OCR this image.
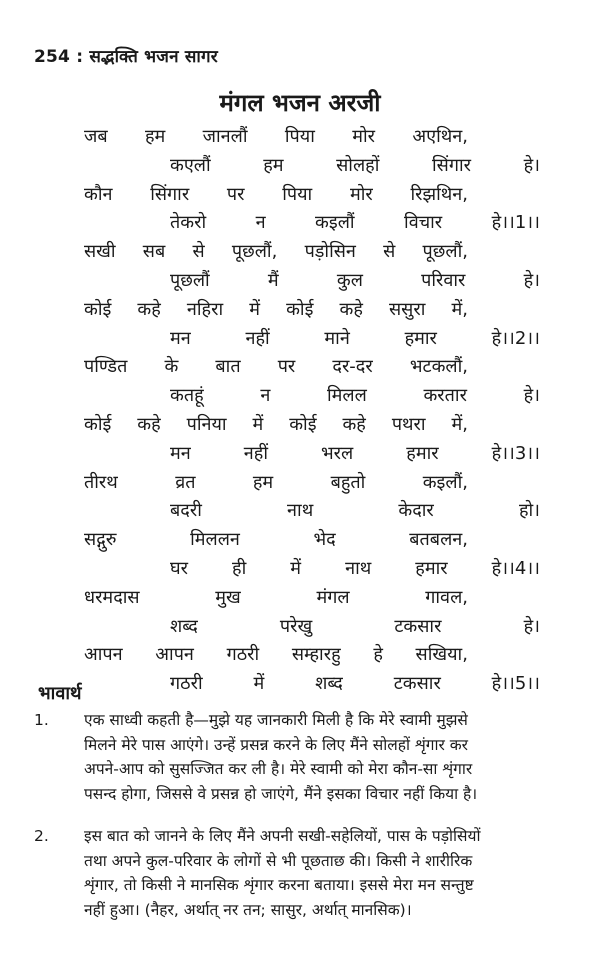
254 : सद्भक्ति भजन सागर
मंगल भजन अरजी
जब हम जानलौं पिया मोर अएथिन,
कएलौं	हम	सोलहों	सिंगार	हे।
कौन सिंगार पर पिया मोर रिझथिन,
तेकरो	न	कइलौं	विचार	हे।।1।।
सखी सब से पूछलौं, पड़ोसिन से पूछलौं,
पूछलौं	मैं	कुल	परिवार	हे।
कोई कहे नहिरा में कोई कहे ससुरा में,
मन	नहीं	माने	हमार	हे।।2।।
पण्डित के बात पर दर-दर भटकलौं,
कतहूं	न	मिलल	करतार	हे।
कोई कहे पनिया में कोई कहे पथरा में,
मन	नहीं	भरल	हमार	हे।।3।।
तीरथ	व्रत	हम	बहुतो	कइलौं,
बदरी	नाथ	केदार	हो।
सद्गुरु	मिललन	भेद	बतबलन,
घर ही में नाथ हमार हे।।4।।
धरमदास	मुख	मंगल	गावल,
शब्द	परेखु	टकसार	हे।
आपन आपन गठरी सम्हारहु हे सखिया,
गठरी	में	शब्द	टकसार	हे।।5।।
भावार्थ
1. एक साध्वी कहती है—मुझे यह जानकारी मिली है कि मेरे स्वामी मुझसे
मिलने मेरे पास आएंगे। उन्हें प्रसन्न करने के लिए मैंने सोलहों शृंगार कर
अपने-आप को सुसज्जित कर ली है। मेरे स्वामी को मेरा कौन-सा शृंगार
पसन्द होगा, जिससे वे प्रसन्न हो जाएंगे, मैंने इसका विचार नहीं किया है।
2. इस बात को जानने के लिए मैंने अपनी सखी-सहेलियों, पास के पड़ोसियों
तथा अपने कुल-परिवार के लोगों से भी पूछताछ की। किसी ने शारीरिक
शृंगार, तो किसी ने मानसिक शृंगार करना बताया। इससे मेरा मन सन्तुष्ट
नहीं हुआ। (नैहर, अर्थात् नर तन; सासुर, अर्थात् मानसिक)।
